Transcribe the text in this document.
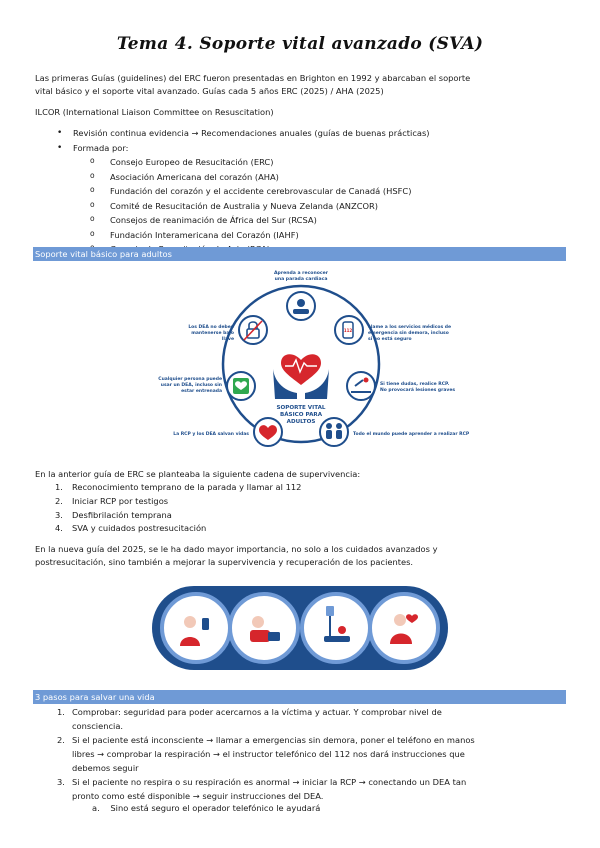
Tema 4. Soporte vital avanzado (SVA)
Las primeras Guías (guidelines) del ERC fueron presentadas en Brighton en 1992 y abarcaban el soporte
vital básico y el soporte vital avanzado. Guías cada 5 años ERC (2025) / AHA (2025)
ILCOR (International Liaison Committee on Resuscitation)
• Revisión continua evidencia → Recomendaciones anuales (guías de buenas prácticas)
• Formada por:
o Consejo Europeo de Resucitación (ERC)
o Asociación Americana del corazón (AHA)
o Fundación del corazón y el accidente cerebrovascular de Canadá (HSFC)
o Comité de Resucitación de Australia y Nueva Zelanda (ANZCOR)
o Consejos de reanimación de África del Sur (RCSA)
o Fundación Interamericana del Corazón (IAHF)
o
Soporte vital básico para adultos
SOPORTE VITAL
BÁSICO PARA
ADULTOS
Aprenda a reconocer
una parada cardiaca
112
Llame a los servicios médicos de
emergencia sin demora, incluso
si no está seguro
Si tiene dudas, realice RCP.
No provocará lesiones graves
Todo el mundo puede aprender a realizar RCP
La RCP y los DEA salvan vidas
Cualquier persona puede
usar un DEA, incluso sin
estar entrenada
Los DEA no deben
mantenerse bajo
llave
En la anterior guía de ERC se planteaba la siguiente cadena de supervivencia:
1. Reconocimiento temprano de la parada y llamar al 112
2. Iniciar RCP por testigos
3. Desfibrilación temprana
4. SVA y cuidados postresucitación
En la nueva guía del 2025, se le ha dado mayor importancia, no solo a los cuidados avanzados y
postresucitación, sino también a mejorar la supervivencia y recuperación de los pacientes.
3 pasos para salvar una vida
1. Comprobar: seguridad para poder acercarnos a la víctima y actuar. Y comprobar nivel de
consciencia.
2. Si el paciente está inconsciente → llamar a emergencias sin demora, poner el teléfono en manos
libres → comprobar la respiración → el instructor telefónico del 112 nos dará instrucciones que
debemos seguir
3. Si el paciente no respira o su respiración es anormal → iniciar la RCP → conectando un DEA tan
pronto como esté disponible → seguir instrucciones del DEA.
a. Sino está seguro el operador telefónico le ayudará
